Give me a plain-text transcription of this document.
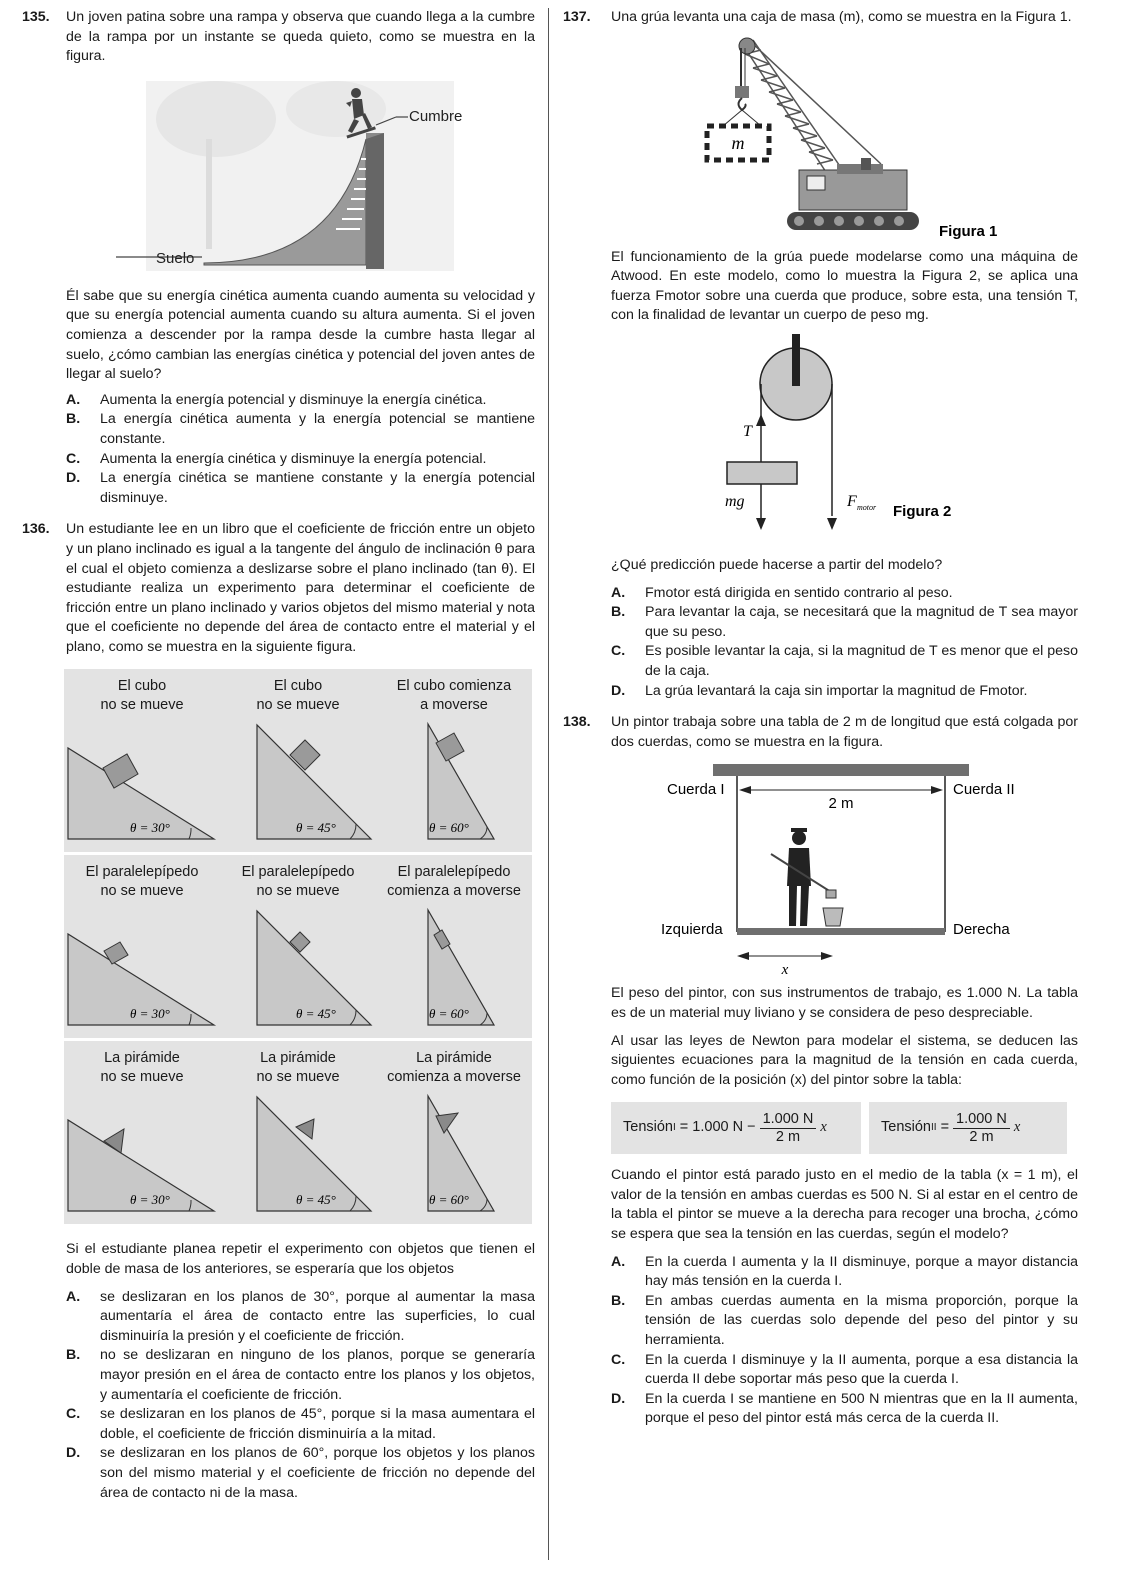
135. Un joven patina sobre una rampa y observa que cuando llega a la cumbre de la rampa por un instante se queda quieto, como se muestra en la figura.

Cumbre
Suelo

Él sabe que su energía cinética aumenta cuando aumenta su velocidad y que su energía potencial aumenta cuando su altura aumenta. Si el joven comienza a descender por la rampa desde la cumbre hasta llegar al suelo, ¿cómo cambian las energías cinética y potencial del joven antes de llegar al suelo?

A. Aumenta la energía potencial y disminuye la energía cinética.
B. La energía cinética aumenta y la energía potencial se mantiene constante.
C. Aumenta la energía cinética y disminuye la energía potencial.
D. La energía cinética se mantiene constante y la energía potencial disminuye.
136. Un estudiante lee en un libro que el coeficiente de fricción entre un objeto y un plano inclinado es igual a la tangente del ángulo de inclinación θ para el cual el objeto comienza a deslizarse sobre el plano inclinado (tan θ). El estudiante realiza un experimento para determinar el coeficiente de fricción entre un plano inclinado y varios objetos del mismo material y nota que el coeficiente no depende del área de contacto entre el material y el plano, como se muestra en la siguiente figura.

El cubo
no se mueve
θ = 30°
El cubo
no se mueve
θ = 45°
El cubo comienza
a moverse
θ = 60°
El paralelepípedo
no se mueve
θ = 30°
El paralelepípedo
no se mueve
θ = 45°
El paralelepípedo
comienza a moverse
θ = 60°
La pirámide
no se mueve
θ = 30°
La pirámide
no se mueve
θ = 45°
La pirámide
comienza a moverse
θ = 60°

Si el estudiante planea repetir el experimento con objetos que tienen el doble de masa de los anteriores, se esperaría que los objetos

A. se deslizaran en los planos de 30°, porque al aumentar la masa aumentaría el área de contacto entre las superficies, lo cual disminuiría la presión y el coeficiente de fricción.
B. no se deslizaran en ninguno de los planos, porque se generaría mayor presión en el área de contacto entre los planos y los objetos, y aumentaría el coeficiente de fricción.
C. se deslizaran en los planos de 45°, porque si la masa aumentara el doble, el coeficiente de fricción disminuiría a la mitad.
D. se deslizaran en los planos de 60°, porque los objetos y los planos son del mismo material y el coeficiente de fricción no depende del área de contacto ni de la masa.
137. Una grúa levanta una caja de masa (m), como se muestra en la Figura 1.

m
Figura 1

El funcionamiento de la grúa puede modelarse como una máquina de Atwood. En este modelo, como lo muestra la Figura 2, se aplica una fuerza Fmotor sobre una cuerda que produce, sobre esta, una tensión T, con la finalidad de levantar un cuerpo de peso mg.

T
mg	F motor Figura 2

¿Qué predicción puede hacerse a partir del modelo?

A. Fmotor está dirigida en sentido contrario al peso.
B. Para levantar la caja, se necesitará que la magnitud de T sea mayor que su peso.
C. Es posible levantar la caja, si la magnitud de T es menor que el peso de la caja.
D. La grúa levantará la caja sin importar la magnitud de Fmotor.
138. Un pintor trabaja sobre una tabla de 2 m de longitud que está colgada por dos cuerdas, como se muestra en la figura.

2 m
Cuerda I	Cuerda II
Izquierda	Derecha
x

El peso del pintor, con sus instrumentos de trabajo, es 1.000 N. La tabla es de un material muy liviano y se considera de peso despreciable.

Al usar las leyes de Newton para modelar el sistema, se deducen las siguientes ecuaciones para la magnitud de la tensión en cada cuerda, como función de la posición (x) del pintor sobre la tabla:

Tensión I
= 1.000 $N - \frac{1.000 N}{2 m}$ x	Tensión II
= $\frac{1.000 N}{2 m}$ x

Cuando el pintor está parado justo en el medio de la tabla (x = 1 m), el valor de la tensión en ambas cuerdas es 500 N. Si al estar en el centro de la tabla el pintor se mueve a la derecha para recoger una brocha, ¿cómo se espera que sea la tensión en las cuerdas, según el modelo?

A. En la cuerda I aumenta y la II disminuye, porque a mayor distancia hay más tensión en la cuerda I.
B. En ambas cuerdas aumenta en la misma proporción, porque la tensión de las cuerdas solo depende del peso del pintor y su herramienta.
C. En la cuerda I disminuye y la II aumenta, porque a esa distancia la cuerda II debe soportar más peso que la cuerda I.
D. En la cuerda I se mantiene en 500 N mientras que en la II aumenta, porque el peso del pintor está más cerca de la cuerda II.
